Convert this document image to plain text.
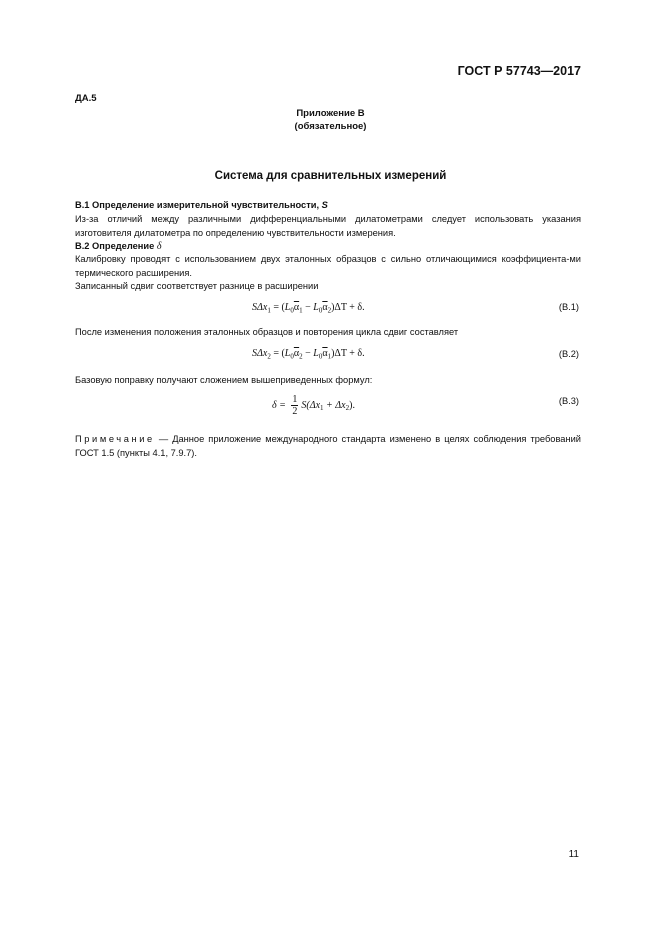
ГОСТ Р 57743—2017
ДА.5
Приложение В
(обязательное)
Система для сравнительных измерений
В.1 Определение измерительной чувствительности, S
Из-за отличий между различными дифференциальными дилатометрами следует использовать указания изготовителя дилатометра по определению чувствительности измерения.
В.2 Определение δ
Калибровку проводят с использованием двух эталонных образцов с сильно отличающимися коэффициента-ми термического расширения.
Записанный сдвиг соответствует разнице в расширении
$S\Delta x_1 = (L_0\overline{\alpha}_1 - L_0\overline{\alpha}_2)\Delta T + \delta$.	(В.1)
После изменения положения эталонных образцов и повторения цикла сдвиг составляет
$S\Delta x_2 = (L_0\overline{\alpha}_2 - L_0\overline{\alpha}_1)\Delta T + \delta$.	(В.2)
Базовую поправку получают сложением вышеприведенных формул:
$\delta = \frac{1}{2} S(\Delta x_1 + \Delta x_2)$.	(В.3)
Примечание — Данное приложение международного стандарта изменено в целях соблюдения требований ГОСТ 1.5 (пункты 4.1, 7.9.7).
11
